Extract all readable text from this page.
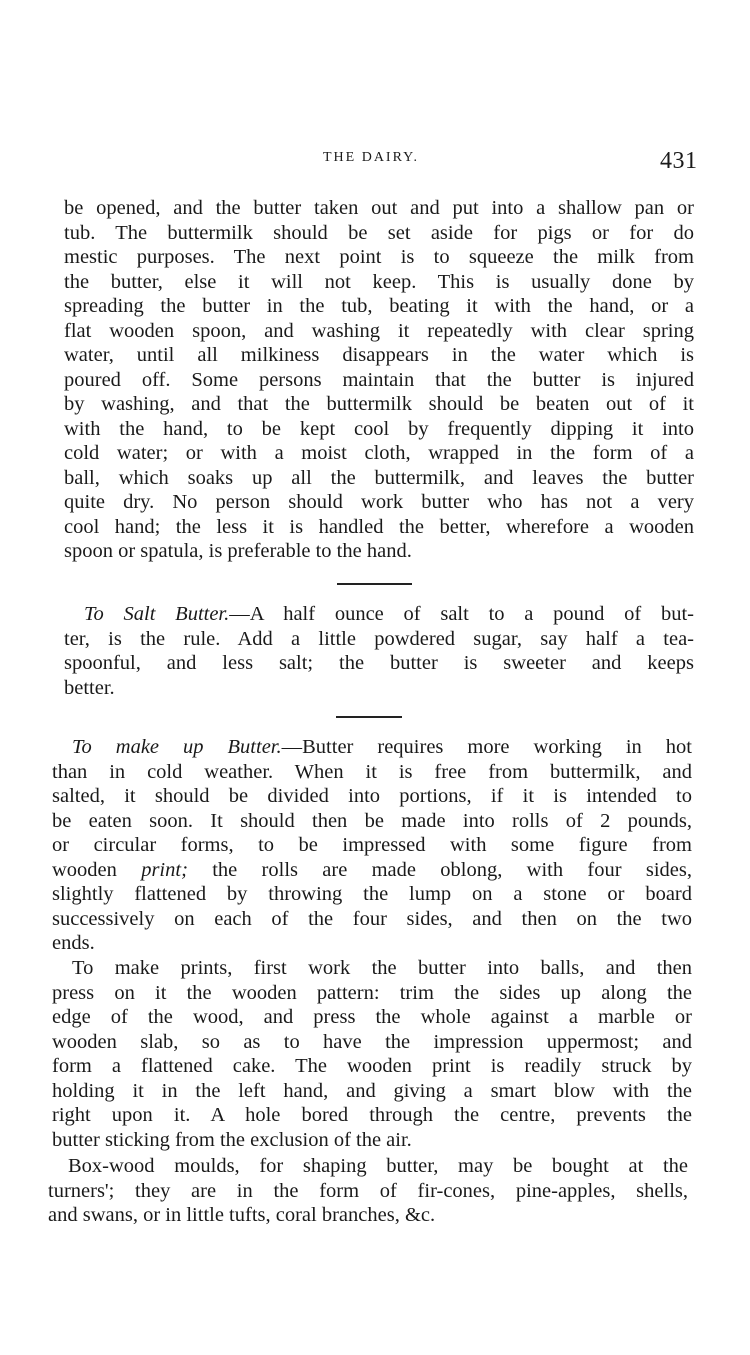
THE DAIRY.	431
be opened, and the butter taken out and put into a shallow pan or
tub. The buttermilk should be set aside for pigs or for do
mestic purposes. The next point is to squeeze the milk from
the butter, else it will not keep. This is usually done by
spreading the butter in the tub, beating it with the hand, or a
flat wooden spoon, and washing it repeatedly with clear spring
water, until all milkiness disappears in the water which is
poured off. Some persons maintain that the butter is injured
by washing, and that the buttermilk should be beaten out of it
with the hand, to be kept cool by frequently dipping it into
cold water; or with a moist cloth, wrapped in the form of a
ball, which soaks up all the buttermilk, and leaves the butter
quite dry. No person should work butter who has not a very
cool hand; the less it is handled the better, wherefore a wooden
spoon or spatula, is preferable to the hand.
To Salt Butter.—A half ounce of salt to a pound of but-
ter, is the rule. Add a little powdered sugar, say half a tea-
spoonful, and less salt; the butter is sweeter and keeps
better.
To make up Butter.—Butter requires more working in hot
than in cold weather. When it is free from buttermilk, and
salted, it should be divided into portions, if it is intended to
be eaten soon. It should then be made into rolls of 2 pounds,
or circular forms, to be impressed with some figure from
wooden print; the rolls are made oblong, with four sides,
slightly flattened by throwing the lump on a stone or board
successively on each of the four sides, and then on the two
ends.
To make prints, first work the butter into balls, and then
press on it the wooden pattern: trim the sides up along the
edge of the wood, and press the whole against a marble or
wooden slab, so as to have the impression uppermost; and
form a flattened cake. The wooden print is readily struck by
holding it in the left hand, and giving a smart blow with the
right upon it. A hole bored through the centre, prevents the
butter sticking from the exclusion of the air.
Box-wood moulds, for shaping butter, may be bought at the
turners'; they are in the form of fir-cones, pine-apples, shells,
and swans, or in little tufts, coral branches, &c.
